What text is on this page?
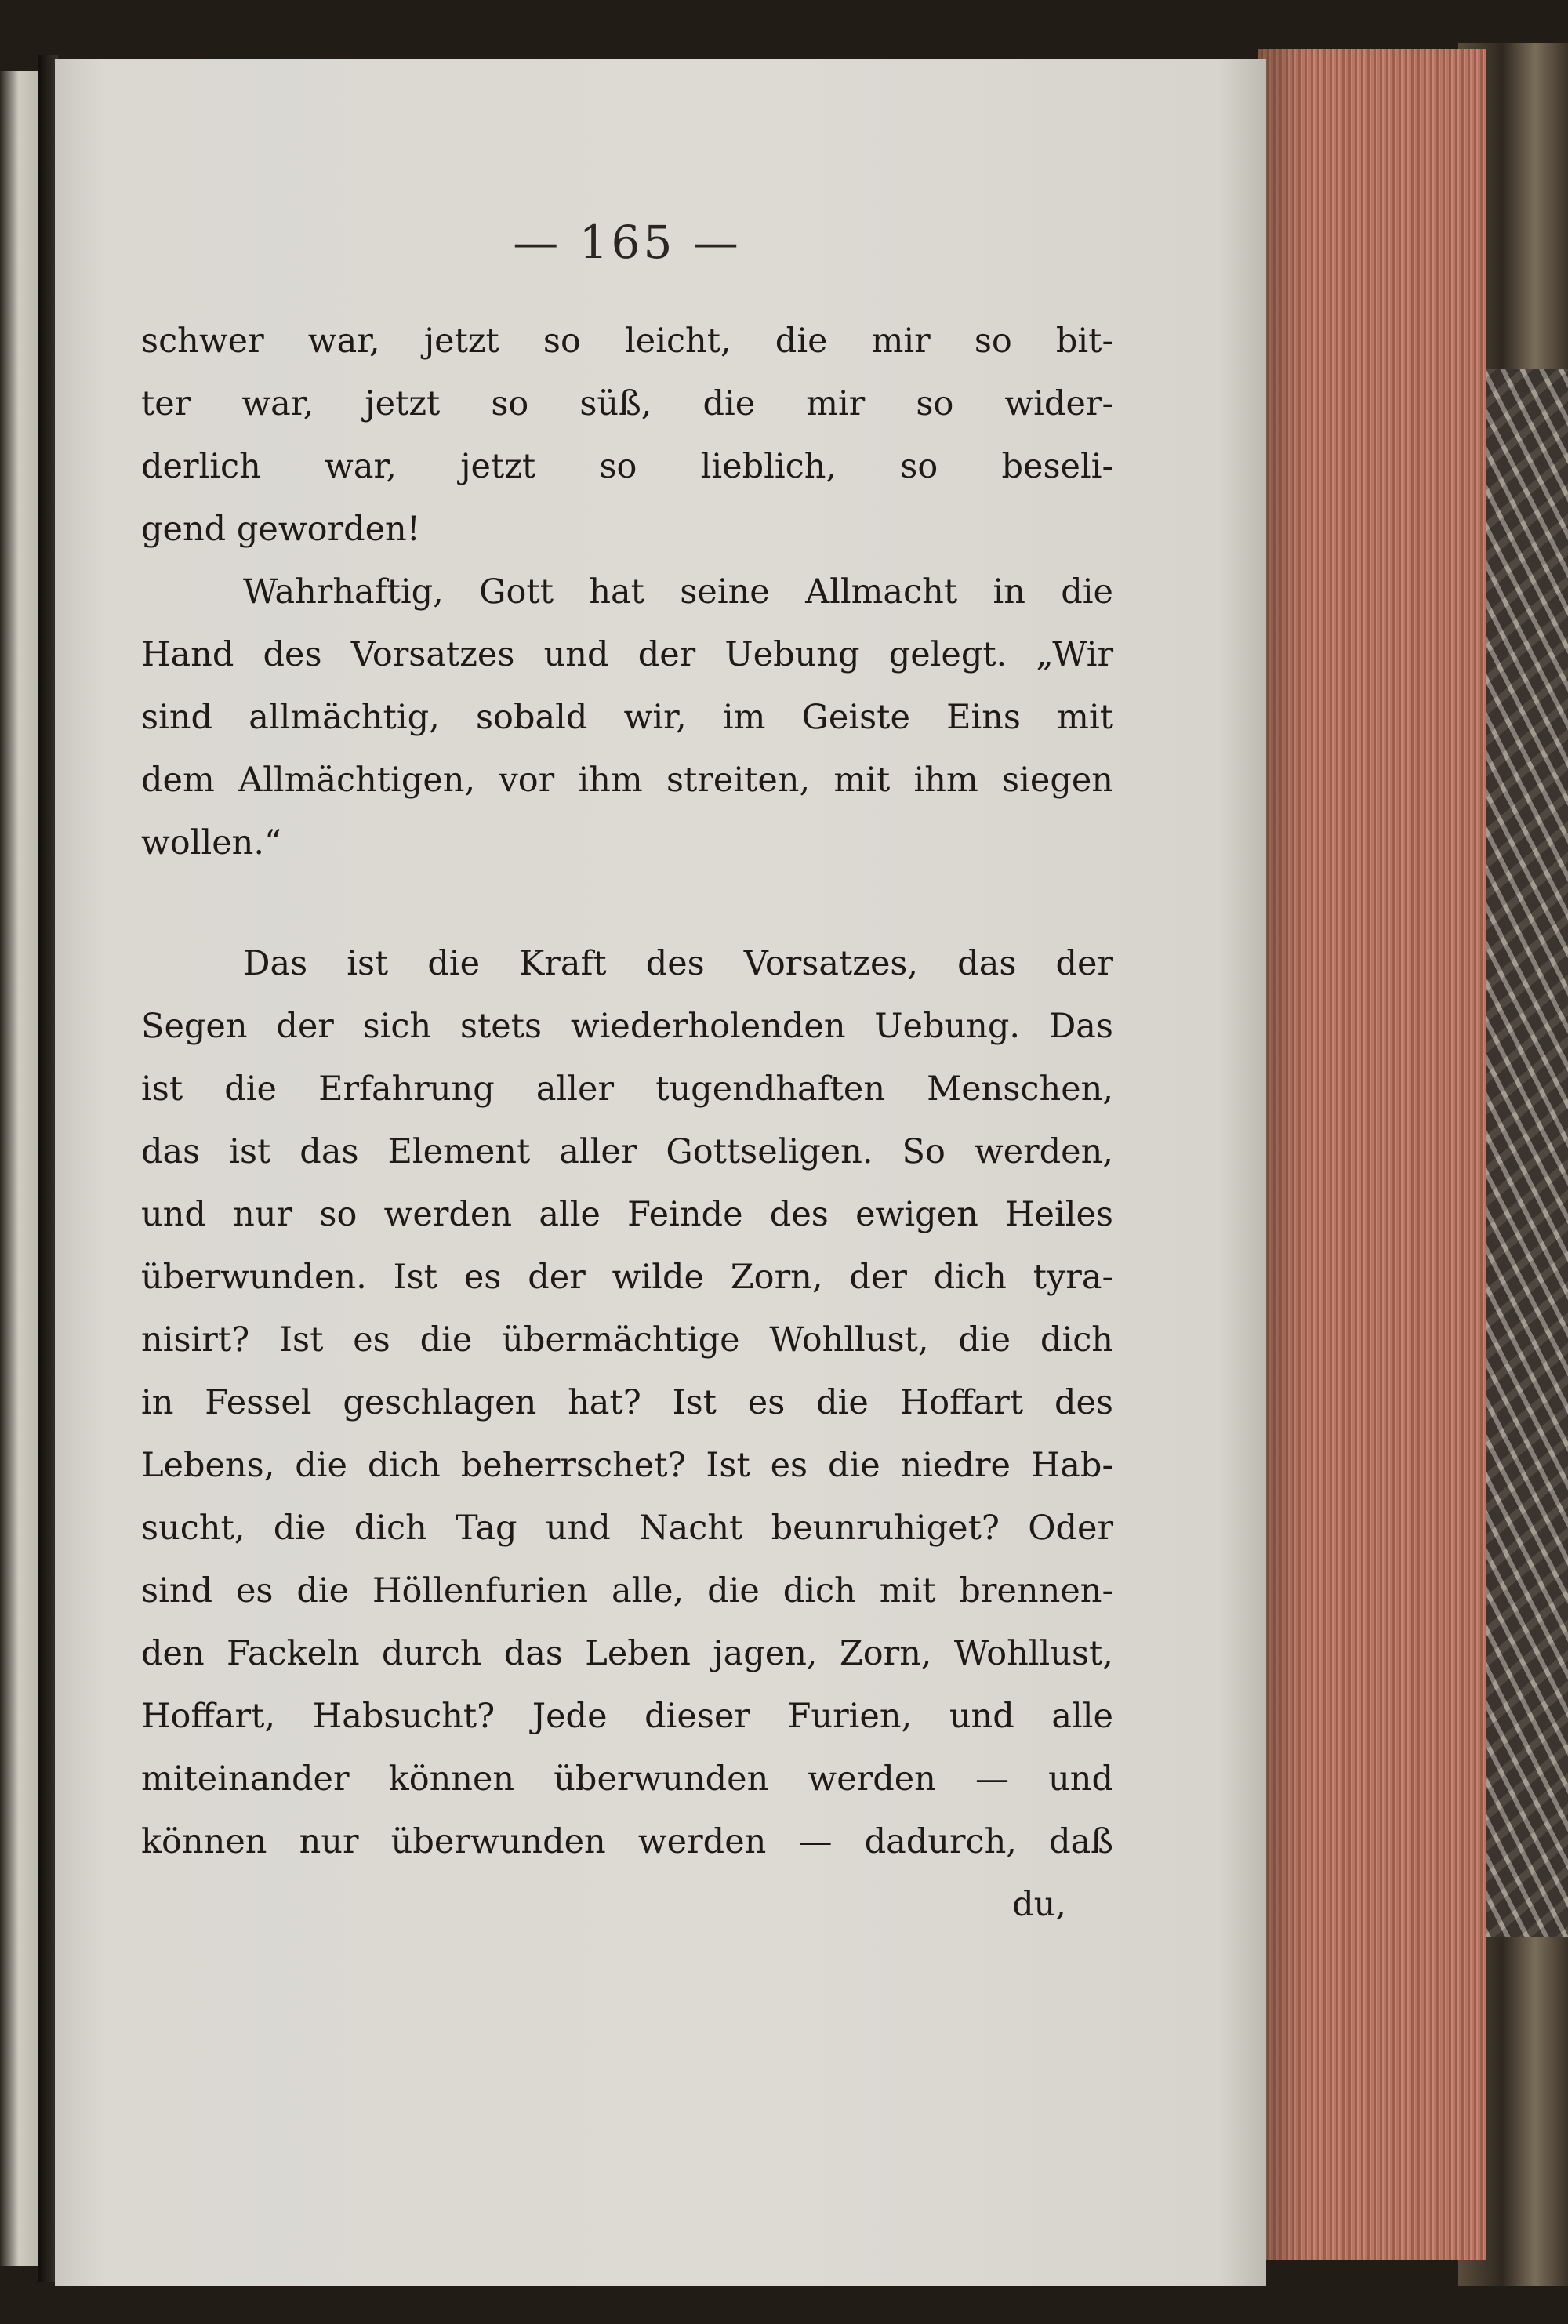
— 165 —
schwer war, jetzt so leicht, die mir so bit-
ter war, jetzt so süß, die mir so wider-
derlich war, jetzt so lieblich, so beseli-
gend geworden!
Wahrhaftig, Gott hat seine Allmacht in die
Hand des Vorsatzes und der Uebung gelegt. „Wir
sind allmächtig, sobald wir, im Geiste Eins mit
dem Allmächtigen, vor ihm streiten, mit ihm siegen
wollen.“
Das ist die Kraft des Vorsatzes, das der
Segen der sich stets wiederholenden Uebung. Das
ist die Erfahrung aller tugendhaften Menschen,
das ist das Element aller Gottseligen. So werden,
und nur so werden alle Feinde des ewigen Heiles
überwunden. Ist es der wilde Zorn, der dich tyra-
nisirt? Ist es die übermächtige Wohllust, die dich
in Fessel geschlagen hat? Ist es die Hoffart des
Lebens, die dich beherrschet? Ist es die niedre Hab-
sucht, die dich Tag und Nacht beunruhiget? Oder
sind es die Höllenfurien alle, die dich mit brennen-
den Fackeln durch das Leben jagen, Zorn, Wohllust,
Hoffart, Habsucht? Jede dieser Furien, und alle
miteinander können überwunden werden — und
können nur überwunden werden — dadurch, daß
du,
